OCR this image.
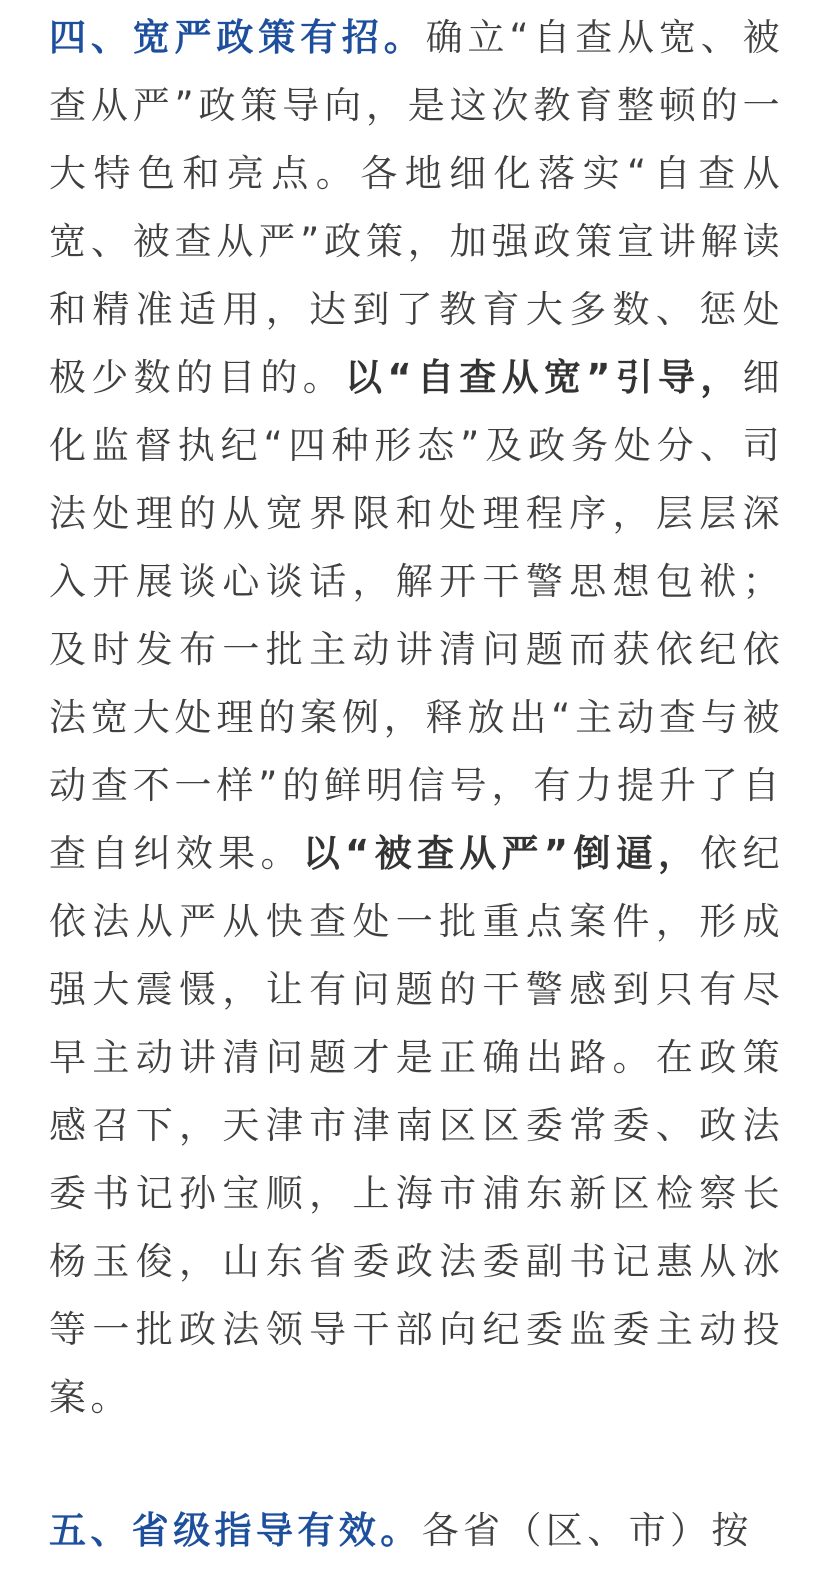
四、宽严政策有招。确立“自查从宽、被查从严”政策导向，是这次教育整顿的一大特色和亮点。各地细化落实“自查从宽、被查从严”政策，加强政策宣讲解读和精准适用，达到了教育大多数、惩处极少数的目的。以“自查从宽”引导，细化监督执纪“四种形态”及政务处分、司法处理的从宽界限和处理程序，层层深入开展谈心谈话，解开干警思想包袱；及时发布一批主动讲清问题而获依纪依法宽大处理的案例，释放出“主动查与被动查不一样”的鲜明信号，有力提升了自查自纠效果。以“被查从严”倒逼，依纪依法从严从快查处一批重点案件，形成强大震慑，让有问题的干警感到只有尽早主动讲清问题才是正确出路。在政策感召下，天津市津南区区委常委、政法委书记孙宝顺，上海市浦东新区检察长杨玉俊，山东省委政法委副书记惠从冰等一批政法领导干部向纪委监委主动投案。

五、省级指导有效。各省（区、市）按
